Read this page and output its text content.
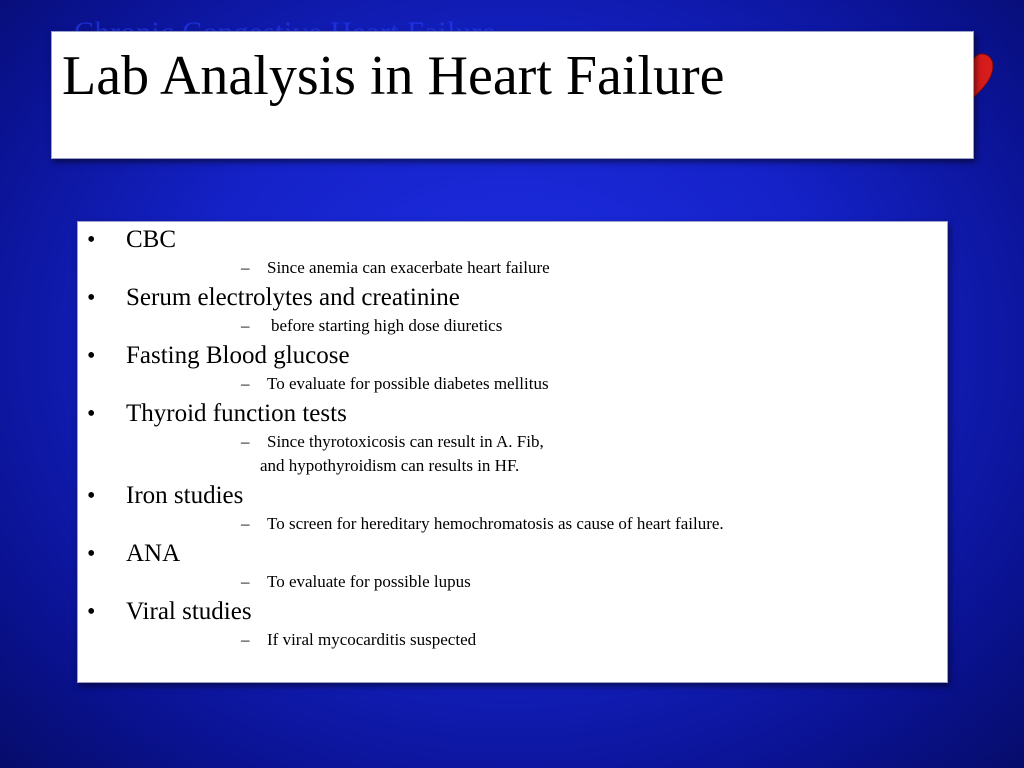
Lab Analysis in Heart Failure
• CBC
– Since anemia can exacerbate heart failure
• Serum electrolytes and creatinine
– before starting high dose diuretics
• Fasting Blood glucose
– To evaluate for possible diabetes mellitus
• Thyroid function tests
– Since thyrotoxicosis can result in A. Fib,
and hypothyroidism can results in HF.
• Iron studies
– To screen for hereditary hemochromatosis as cause of heart failure.
• ANA
– To evaluate for possible lupus
• Viral studies
– If viral mycocarditis suspected
